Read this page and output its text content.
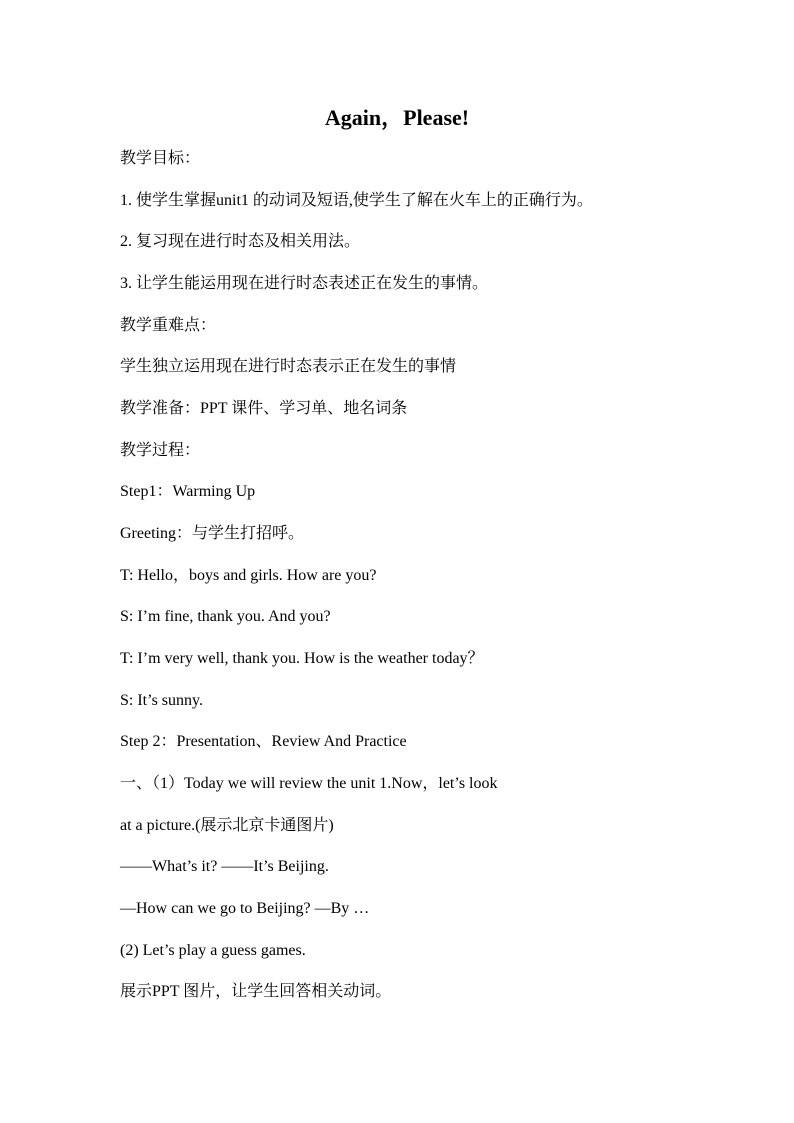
Again，Please!
教学目标：
1. 使学生掌握unit1 的动词及短语,使学生了解在火车上的正确行为。
2. 复习现在进行时态及相关用法。
3. 让学生能运用现在进行时态表述正在发生的事情。
教学重难点：
学生独立运用现在进行时态表示正在发生的事情
教学准备：PPT 课件、学习单、地名词条
教学过程：
Step1：Warming Up
Greeting：与学生打招呼。
T: Hello，boys and girls. How are you?
S: I’m fine, thank you. And you?
T: I’m very well, thank you. How is the weather today？
S: It’s sunny.
Step 2：Presentation、Review And Practice
一、（1）Today we will review the unit 1.Now，let’s look
at a picture.(展示北京卡通图片)
——What’s it? ——It’s Beijing.
—How can we go to Beijing? —By …
(2) Let’s play a guess games.
展示PPT 图片，让学生回答相关动词。
